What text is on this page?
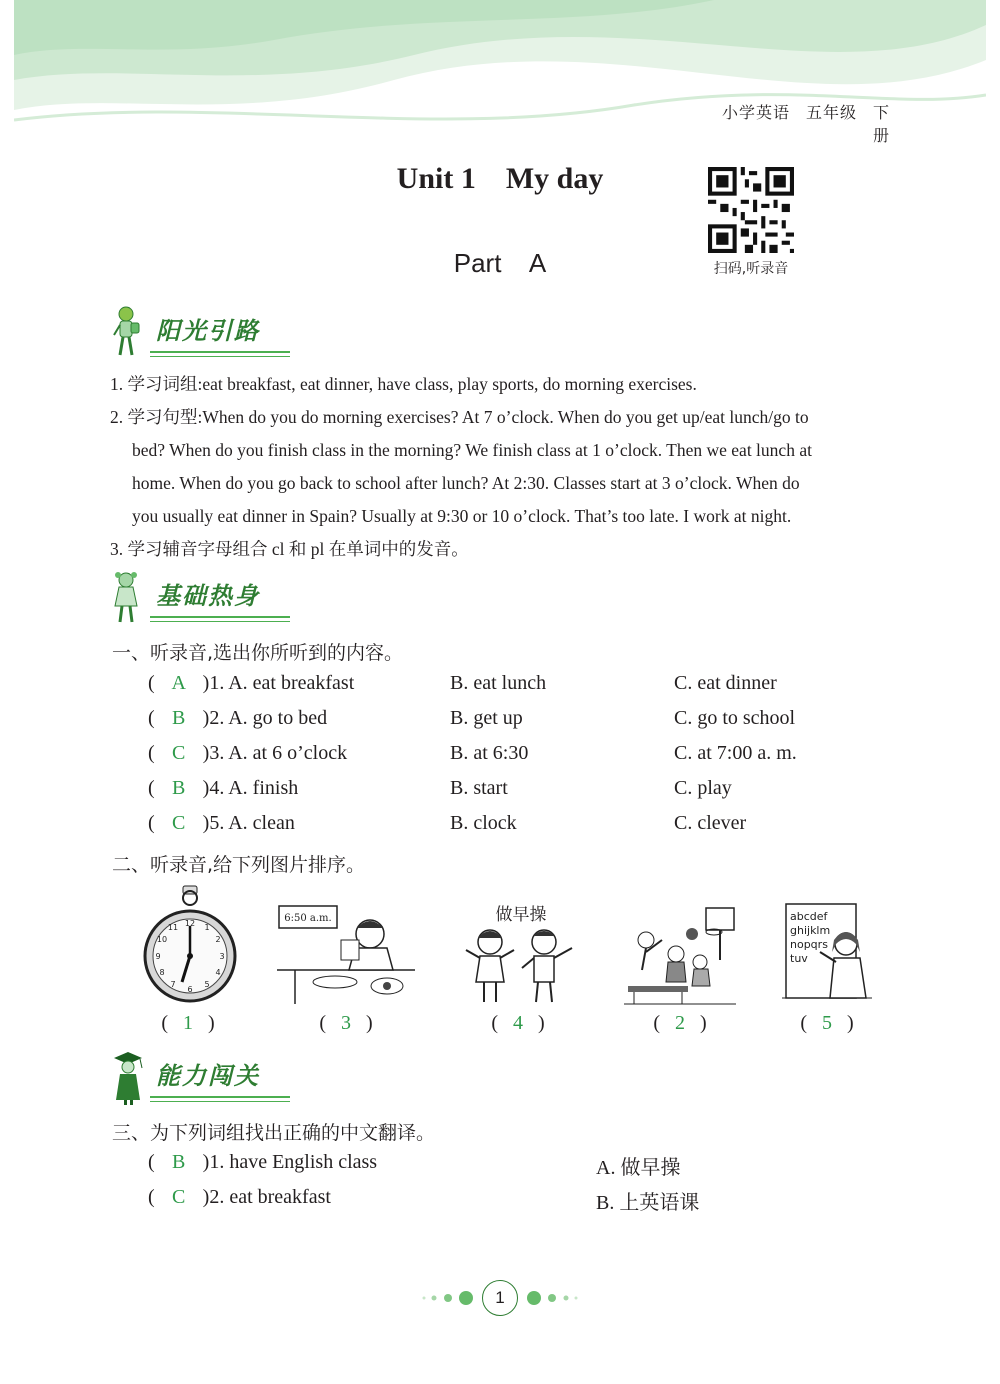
小学英语 五年级 下册
Unit 1    My day
Part    A	扫码,听录音
阳光引路
1. 学习词组:eat breakfast, eat dinner, have class, play sports, do morning exercises.
2. 学习句型:When do you do morning exercises? At 7 o’clock. When do you get up/eat lunch/go to
bed? When do you finish class in the morning? We finish class at 1 o’clock. Then we eat lunch at
home. When do you go back to school after lunch? At 2:30. Classes start at 3 o’clock. When do
you usually eat dinner in Spain? Usually at 9:30 or 10 o’clock. That’s too late. I work at night.
3. 学习辅音字母组合 cl 和 pl 在单词中的发音。
基础热身
一、听录音,选出你所听到的内容。
( A )1. A. eat breakfast	B. eat lunch	C. eat dinner
( B )2. A. go to bed	B. get up	C. go to school
( C )3. A. at 6 o’clock	B. at 6:30	C. at 7:00 a. m.
( B )4. A. finish	B. start	C. play
( C )5. A. clean	B. clock	C. clever
二、听录音,给下列图片排序。
12 1
2
3
4
5
6
7
8
9
10
11
6:50 a.m.	做早操	abcdef
ghijklm
nopqrs
tuv
( 1 )	( 3 )	( 4 )	( 2 )	( 5 )
能力闯关
三、为下列词组找出正确的中文翻译。
( B )1. have English class	A. 做早操
( C )2. eat breakfast	B. 上英语课
1
